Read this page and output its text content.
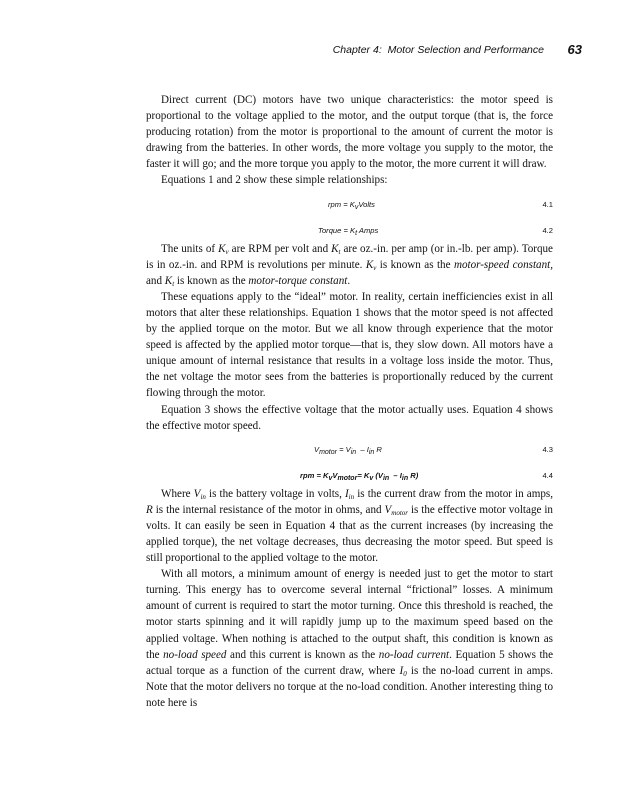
Chapter 4: Motor Selection and Performance 63

Direct current (DC) motors have two unique characteristics: the motor speed is proportional to the voltage applied to the motor, and the output torque (that is, the force producing rotation) from the motor is proportional to the amount of current the motor is drawing from the batteries. In other words, the more voltage you supply to the motor, the faster it will go; and the more torque you apply to the motor, the more current it will draw.

Equations 1 and 2 show these simple relationships:

rpm = $K_vVolts$	4.1
Torque = $K_t$ Amps	4.2

The units of $K_v$ are RPM per volt and $K_t$ are oz.-in. per amp (or in.-lb. per amp). Torque is in oz.-in. and RPM is revolutions per minute. $K_v$ is known as the motor-speed constant, and $K_t$ is known as the motor-torque constant.

These equations apply to the “ideal” motor. In reality, certain inefficiencies exist in all motors that alter these relationships. Equation 1 shows that the motor speed is not affected by the applied torque on the motor. But we all know through experience that the motor speed is affected by the applied motor torque—that is, they slow down. All motors have a unique amount of internal resistance that results in a voltage loss inside the motor. Thus, the net voltage the motor sees from the batteries is proportionally reduced by the current flowing through the motor.

Equation 3 shows the effective voltage that the motor actually uses. Equation 4 shows the effective motor speed.

$V_{motor} = V_{in} - I_{in}$ R	4.3
rpm = $K_vV_{motor}= K_v$ ($V_{in} - I_{in}$ R)	4.4

Where $V_{in}$ is the battery voltage in volts, $I_{in}$ is the current draw from the motor in amps, R is the internal resistance of the motor in ohms, and $V_{motor}$ is the effective motor voltage in volts. It can easily be seen in Equation 4 that as the current increases (by increasing the applied torque), the net voltage decreases, thus decreasing the motor speed. But speed is still proportional to the applied voltage to the motor.

With all motors, a minimum amount of energy is needed just to get the motor to start turning. This energy has to overcome several internal “frictional” losses. A minimum amount of current is required to start the motor turning. Once this threshold is reached, the motor starts spinning and it will rapidly jump up to the maximum speed based on the applied voltage. When nothing is attached to the output shaft, this condition is known as the no-load speed and this current is known as the no-load current. Equation 5 shows the actual torque as a function of the current draw, where $I_0$ is the no-load current in amps. Note that the motor delivers no torque at the no-load condition. Another interesting thing to note here is
